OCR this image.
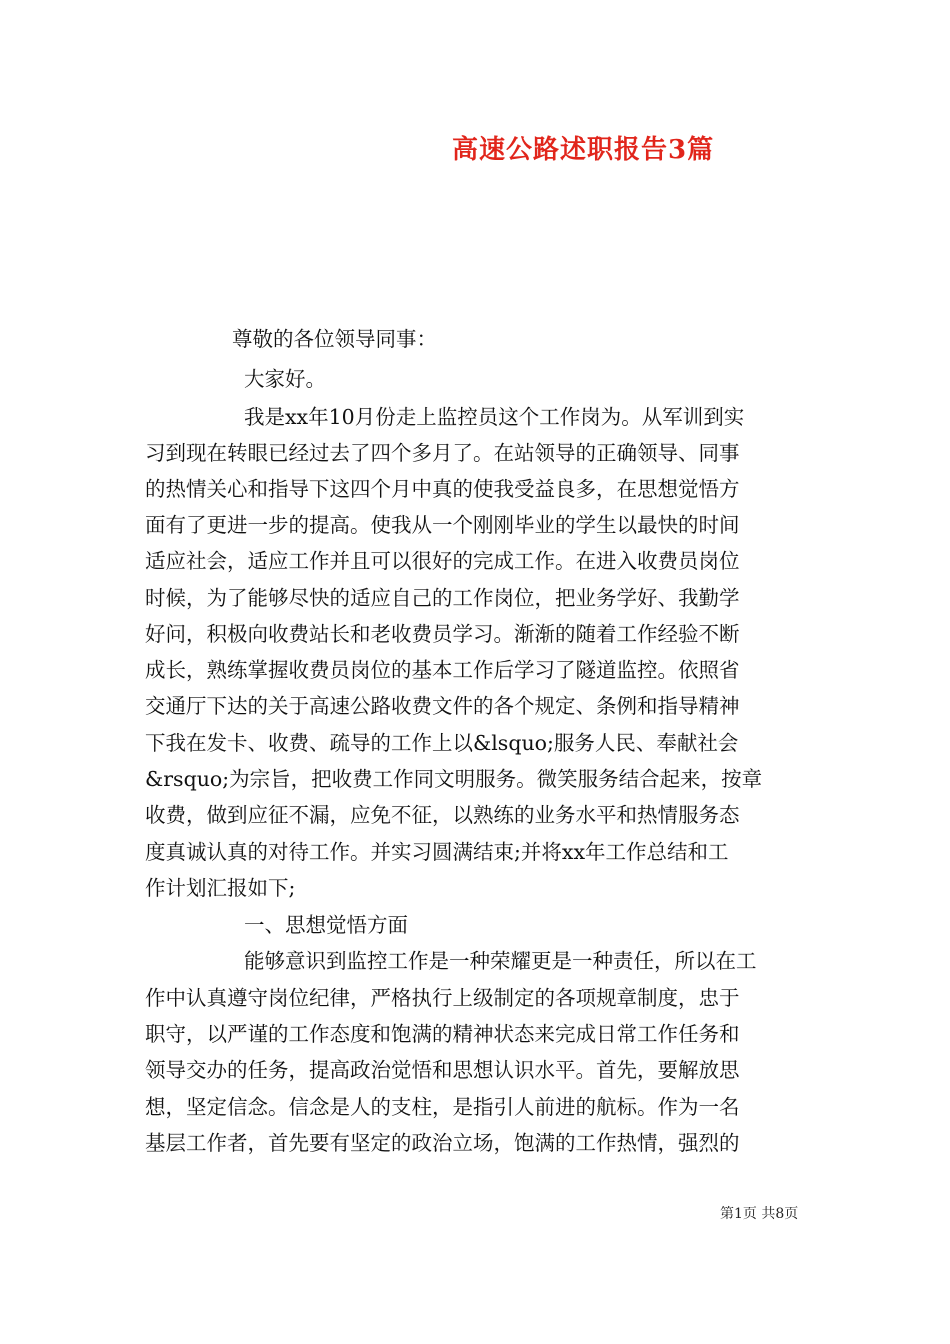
高速公路述职报告3篇
尊敬的各位领导同事：
大家好。
我是xx年10月份走上监控员这个工作岗为。从军训到实
习到现在转眼已经过去了四个多月了。在站领导的正确领导、同事
的热情关心和指导下这四个月中真的使我受益良多，在思想觉悟方
面有了更进一步的提高。使我从一个刚刚毕业的学生以最快的时间
适应社会，适应工作并且可以很好的完成工作。在进入收费员岗位
时候，为了能够尽快的适应自己的工作岗位，把业务学好、我勤学
好问，积极向收费站长和老收费员学习。渐渐的随着工作经验不断
成长，熟练掌握收费员岗位的基本工作后学习了隧道监控。依照省
交通厅下达的关于高速公路收费文件的各个规定、条例和指导精神
下我在发卡、收费、疏导的工作上以&lsquo;服务人民、奉献社会
&rsquo;为宗旨，把收费工作同文明服务。微笑服务结合起来，按章
收费，做到应征不漏，应免不征，以熟练的业务水平和热情服务态
度真诚认真的对待工作。并实习圆满结束;并将xx年工作总结和工
作计划汇报如下;
一、思想觉悟方面
能够意识到监控工作是一种荣耀更是一种责任，所以在工
作中认真遵守岗位纪律，严格执行上级制定的各项规章制度，忠于
职守，以严谨的工作态度和饱满的精神状态来完成日常工作任务和
领导交办的任务，提高政治觉悟和思想认识水平。首先，要解放思
想，坚定信念。信念是人的支柱，是指引人前进的航标。作为一名
基层工作者，首先要有坚定的政治立场，饱满的工作热情，强烈的
第1页 共8页
